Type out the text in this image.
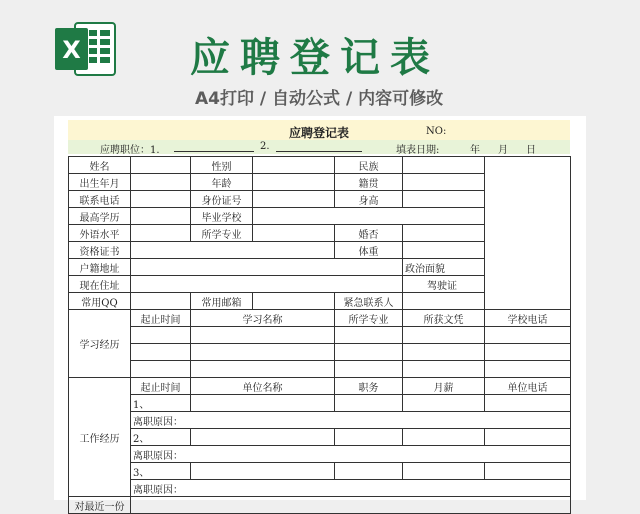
X	应聘登记表
A4打印 / 自动公式 / 内容可修改
应聘登记表	NO:
应聘职位：1.	2.	填表日期:	年 月 日
姓名		性别		民族		
出生年月		年龄		籍贯		
联系电话		身份证号		身高		
最高学历		毕业学校				
外语水平		所学专业		婚否		
资格证书				体重		
户籍地址					政治面貌	
现在住址					驾驶证	
常用QQ		常用邮箱		紧急联系人		
学习经历	起止时间	学习名称		所学专业	所获文凭	学校电话

工作经历	起止时间	单位名称		职务	月薪	单位电话
	1、					
	离职原因：					
	2、					
	离职原因：					
	3、					
	离职原因：					
对最近一份						
